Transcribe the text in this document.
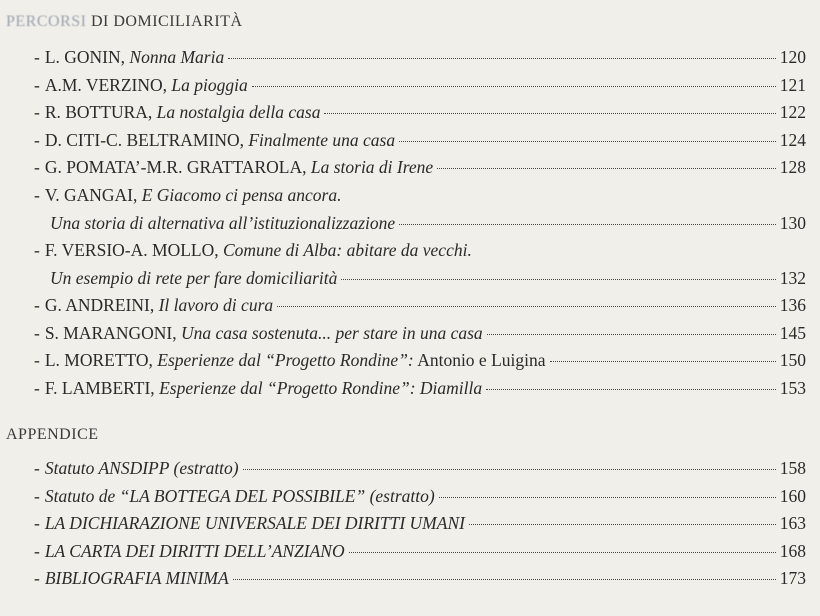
PERCORSI DI DOMICILIARITÀ
- L. GONIN, Nonna Maria	120
- A.M. VERZINO, La pioggia	121
- R. BOTTURA, La nostalgia della casa	122
- D. CITI-C. BELTRAMINO, Finalmente una casa	124
- G. POMATA’-M.R. GRATTAROLA, La storia di Irene	128
- V. GANGAI, E Giacomo ci pensa ancora.
Una storia di alternativa all’istituzionalizzazione	130
- F. VERSIO-A. MOLLO, Comune di Alba: abitare da vecchi.
Un esempio di rete per fare domiciliarità	132
- G. ANDREINI, Il lavoro di cura	136
- S. MARANGONI, Una casa sostenuta... per stare in una casa	145
- L. MORETTO, Esperienze dal “Progetto Rondine”: Antonio e Luigina	150
- F. LAMBERTI, Esperienze dal “Progetto Rondine”: Diamilla	153
APPENDICE
- Statuto ANSDIPP (estratto)	158
- Statuto de “LA BOTTEGA DEL POSSIBILE” (estratto)	160
- LA DICHIARAZIONE UNIVERSALE DEI DIRITTI UMANI	163
- LA CARTA DEI DIRITTI DELL’ANZIANO	168
- BIBLIOGRAFIA MINIMA	173
